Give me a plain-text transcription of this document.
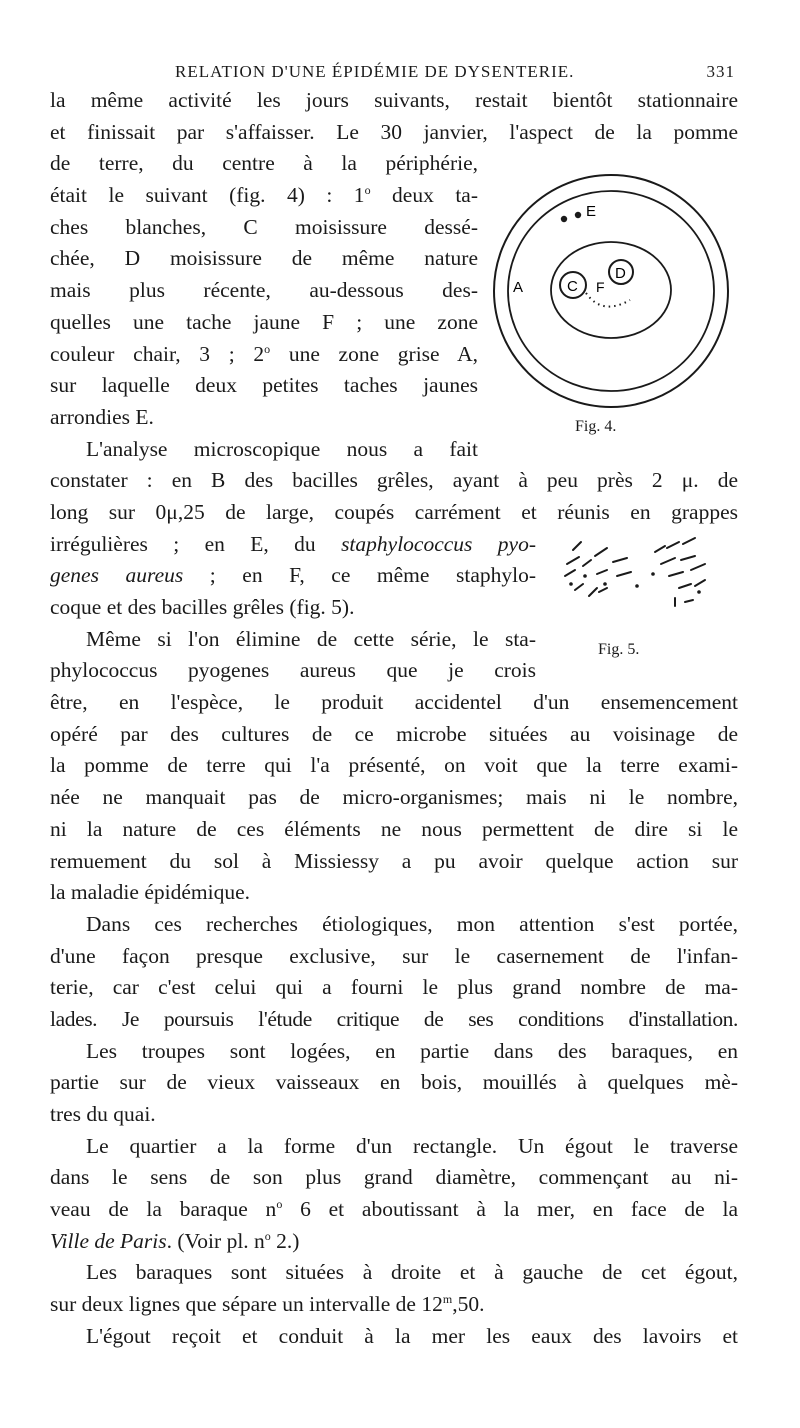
RELATION D'UNE ÉPIDÉMIE DE DYSENTERIE.	331
E
A	C F
D
Fig. 4.
Fig. 5.
la même activité les jours suivants, restait bientôt stationnaire
et finissait par s'affaisser. Le 30 janvier, l'aspect de la pomme
de terre, du centre à la périphérie,
était le suivant (fig. 4) : 1$^o$ deux ta-
ches blanches, C moisissure dessé-
chée, D moisissure de même nature
mais plus récente, au-dessous des-
quelles une tache jaune F ; une zone
couleur chair, 3 ; 2$^o$ une zone grise A,
sur laquelle deux petites taches jaunes
arrondies E.
L'analyse microscopique nous a fait
constater : en B des bacilles grêles, ayant à peu près 2 μ. de
long sur 0μ,25 de large, coupés carrément et réunis en grappes
irrégulières ; en E, du staphylococcus pyo-
genes aureus ; en F, ce même staphylo-
coque et des bacilles grêles (fig. 5).
Même si l'on élimine de cette série, le sta-
phylococcus pyogenes aureus que je crois
être, en l'espèce, le produit accidentel d'un ensemencement
opéré par des cultures de ce microbe situées au voisinage de
la pomme de terre qui l'a présenté, on voit que la terre exami-
née ne manquait pas de micro-organismes; mais ni le nombre,
ni la nature de ces éléments ne nous permettent de dire si le
remuement du sol à Missiessy a pu avoir quelque action sur
la maladie épidémique.
Dans ces recherches étiologiques, mon attention s'est portée,
d'une façon presque exclusive, sur le casernement de l'infan-
terie, car c'est celui qui a fourni le plus grand nombre de ma-
lades. Je poursuis l'étude critique de ses conditions d'installation.
Les troupes sont logées, en partie dans des baraques, en
partie sur de vieux vaisseaux en bois, mouillés à quelques mè-
tres du quai.
Le quartier a la forme d'un rectangle. Un égout le traverse
dans le sens de son plus grand diamètre, commençant au ni-
veau de la baraque $n^o$ 6 et aboutissant à la mer, en face de la
Ville de Paris. (Voir pl. $n^o$ 2.)
Les baraques sont situées à droite et à gauche de cet égout,
sur deux lignes que sépare un intervalle de 12$^m$,50.
L'égout reçoit et conduit à la mer les eaux des lavoirs et
